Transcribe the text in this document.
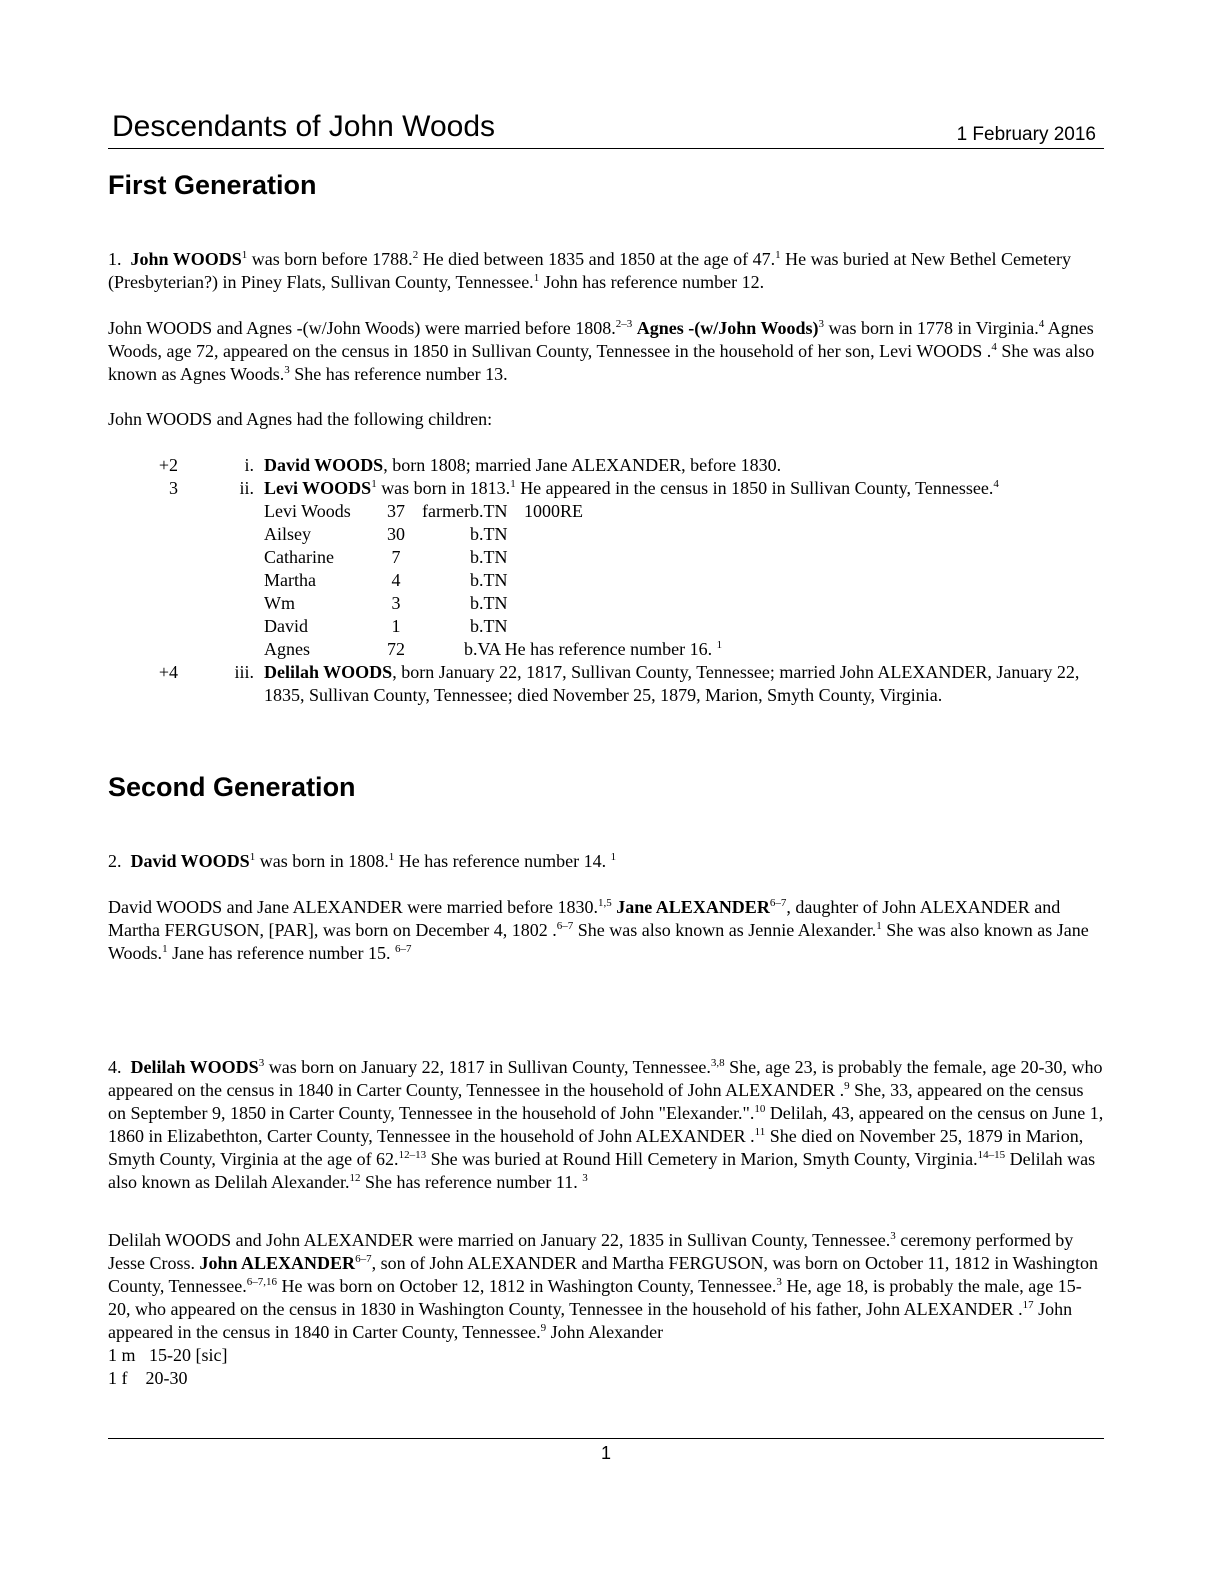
Descendants of John Woods	1 February 2016
First Generation

1. John WOODS$^1$ was born before 1788.$^2$ He died between 1835 and 1850 at the age of 47.$^1$ He was buried at New Bethel Cemetery (Presbyterian?) in Piney Flats, Sullivan County, Tennessee.$^1$ John has reference number 12.

John WOODS and Agnes -(w/John Woods) were married before 1808.$^{2-3}$ Agnes -(w/John Woods)$^3$ was born in 1778 in Virginia.$^4$ Agnes Woods, age 72, appeared on the census in 1850 in Sullivan County, Tennessee in the household of her son, Levi WOODS .$^4$ She was also known as Agnes Woods.$^3$ She has reference number 13.

John WOODS and Agnes had the following children:

+2	i. David WOODS, born 1808; married Jane ALEXANDER, before 1830.
3	ii. Levi WOODS$^1$ was born in 1813.$^1$ He appeared in the census in 1850 in Sullivan County, Tennessee.$^4$
Levi Woods	37 farmer b.TN 1000RE
Ailsey	30	b.TN
Catharine	7	b.TN
Martha	4	b.TN
Wm	3	b.TN
David	1	b.TN
Agnes	72	b.VA He has reference number 16. $^1$
+4	iii. Delilah WOODS, born January 22, 1817, Sullivan County, Tennessee; married John ALEXANDER, January 22, 1835, Sullivan County, Tennessee; died November 25, 1879, Marion, Smyth County, Virginia.
Second Generation

2. David WOODS$^1$ was born in 1808.$^1$ He has reference number 14. $^1$

David WOODS and Jane ALEXANDER were married before 1830.$^{1,5}$ Jane ALEXANDER$^{6-7}$, daughter of John ALEXANDER and Martha FERGUSON, [PAR], was born on December 4, 1802 .$^{6-7}$ She was also known as Jennie Alexander.$^1$ She was also known as Jane Woods.$^1$ Jane has reference number 15. $^{6-7}$

4. Delilah WOODS$^3$ was born on January 22, 1817 in Sullivan County, Tennessee.$^{3,8}$ She, age 23, is probably the female, age 20-30, who appeared on the census in 1840 in Carter County, Tennessee in the household of John ALEXANDER .$^9$ She, 33, appeared on the census on September 9, 1850 in Carter County, Tennessee in the household of John "Elexander.".$^{10}$ Delilah, 43, appeared on the census on June 1, 1860 in Elizabethton, Carter County, Tennessee in the household of John ALEXANDER .$^{11}$ She died on November 25, 1879 in Marion, Smyth County, Virginia at the age of 62.$^{12-13}$ She was buried at Round Hill Cemetery in Marion, Smyth County, Virginia.$^{14-15}$ Delilah was also known as Delilah Alexander.$^{12}$ She has reference number 11. $^3$

Delilah WOODS and John ALEXANDER were married on January 22, 1835 in Sullivan County, Tennessee.$^3$ ceremony performed by Jesse Cross. John ALEXANDER$^{6-7}$, son of John ALEXANDER and Martha FERGUSON, was born on October 11, 1812 in Washington County, Tennessee.$^{6-7,16}$ He was born on October 12, 1812 in Washington County, Tennessee.$^3$ He, age 18, is probably the male, age 15-20, who appeared on the census in 1830 in Washington County, Tennessee in the household of his father, John ALEXANDER .$^{17}$ John appeared in the census in 1840 in Carter County, Tennessee.$^9$ John Alexander
1 m   15-20 [sic]
1 f    20-30

1
